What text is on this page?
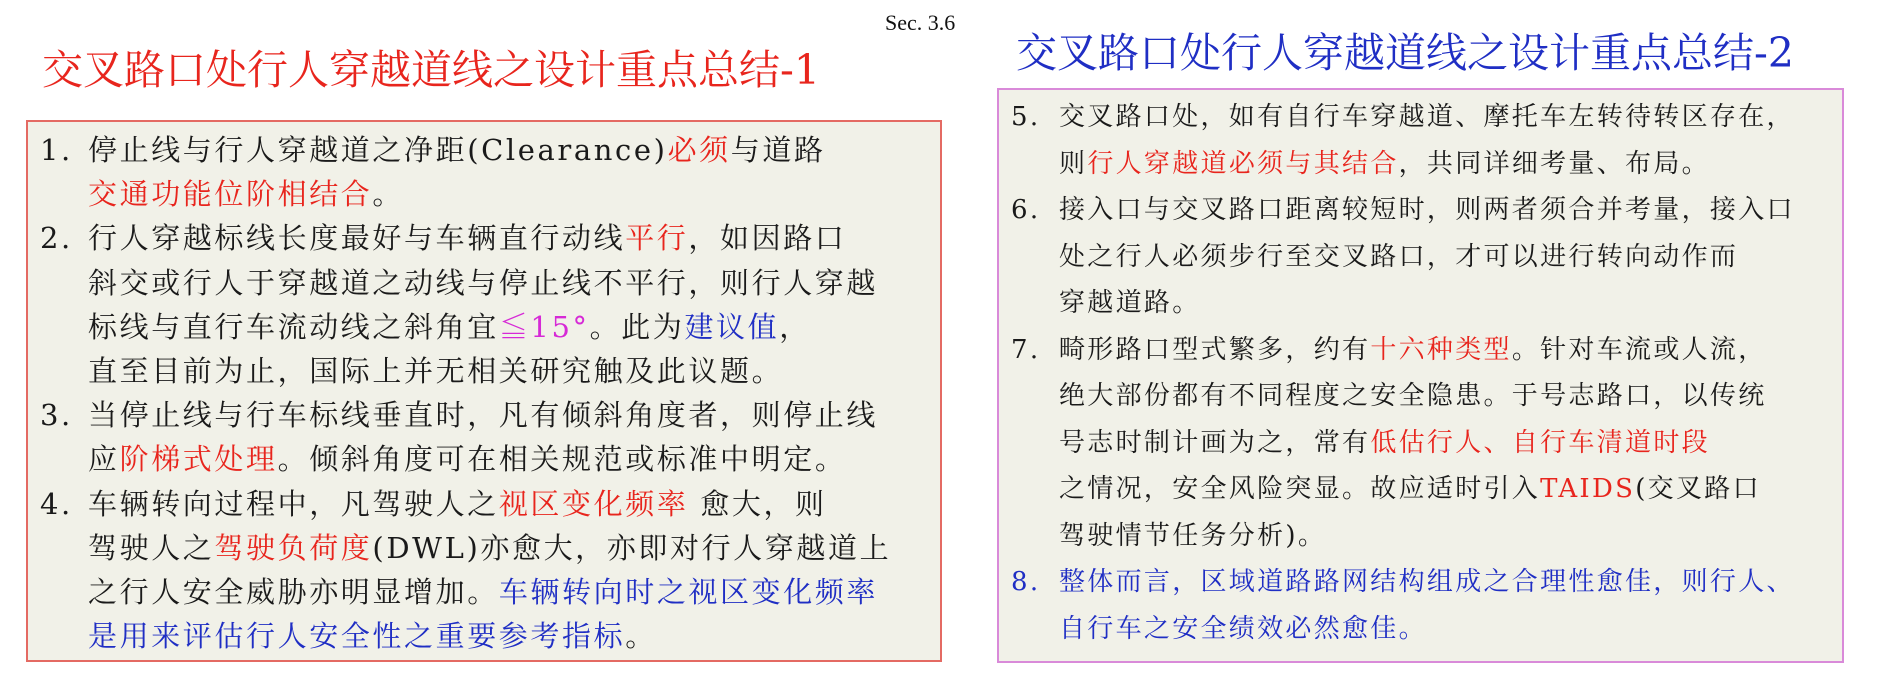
Sec. 3.6
交叉路口处行人穿越道线之设计重点总结-1	交叉路口处行人穿越道线之设计重点总结-2
1. 停止线与行人穿越道之净距(Clearance)必须与道路
交通功能位阶相结合。
2. 行人穿越标线长度最好与车辆直行动线平行，如因路口
斜交或行人于穿越道之动线与停止线不平行，则行人穿越
标线与直行车流动线之斜角宜≦15°。此为建议值，
直至目前为止，国际上并无相关研究触及此议题。
3. 当停止线与行车标线垂直时，凡有倾斜角度者，则停止线
应阶梯式处理。倾斜角度可在相关规范或标准中明定。
4. 车辆转向过程中，凡驾驶人之视区变化频率 愈大，则
驾驶人之驾驶负荷度(DWL)亦愈大，亦即对行人穿越道上
之行人安全威胁亦明显增加。车辆转向时之视区变化频率
是用来评估行人安全性之重要参考指标。
5. 交叉路口处，如有自行车穿越道、摩托车左转待转区存在，
则行人穿越道必须与其结合，共同详细考量、布局。
6. 接入口与交叉路口距离较短时，则两者须合并考量，接入口
处之行人必须步行至交叉路口，才可以进行转向动作而
穿越道路。
7. 畸形路口型式繁多，约有十六种类型。针对车流或人流，
绝大部份都有不同程度之安全隐患。于号志路口，以传统
号志时制计画为之，常有低估行人、自行车清道时段
之情况，安全风险突显。故应适时引入TAIDS(交叉路口
驾驶情节任务分析)。
8. 整体而言，区域道路路网结构组成之合理性愈佳，则行人、
自行车之安全绩效必然愈佳。
